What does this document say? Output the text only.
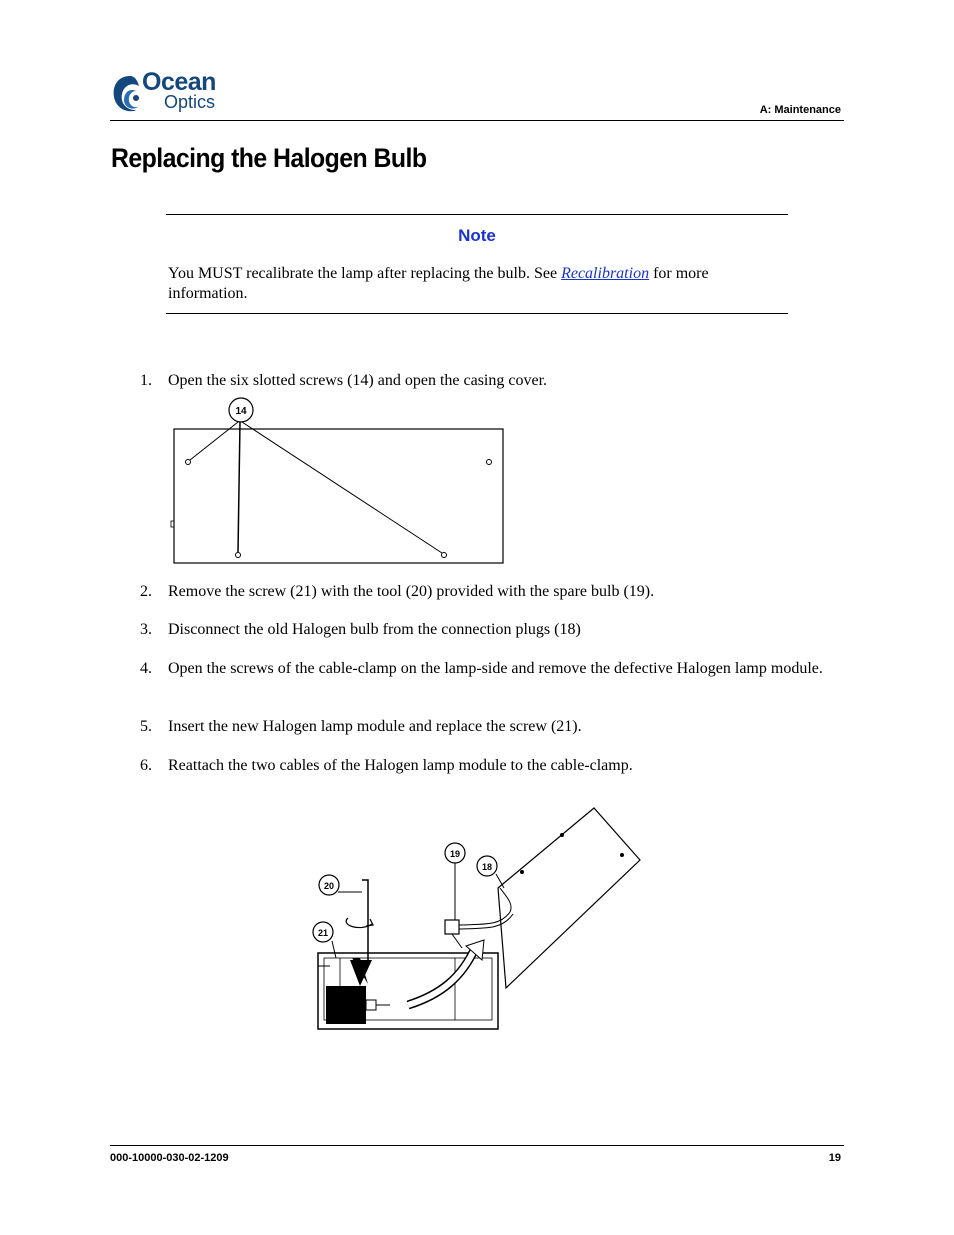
Ocean
Optics	A: Maintenance
Replacing the Halogen Bulb
Note
You MUST recalibrate the lamp after replacing the bulb. See Recalibration for more information.
1. Open the six slotted screws (14) and open the casing cover.
14
2. Remove the screw (21) with the tool (20) provided with the spare bulb (19).
3. Disconnect the old Halogen bulb from the connection plugs (18)
4. Open the screws of the cable-clamp on the lamp-side and remove the defective Halogen lamp module.
5. Insert the new Halogen lamp module and replace the screw (21).
6. Reattach the two cables of the Halogen lamp module to the cable-clamp.
20
21
19
18
000-10000-030-02-1209	19
